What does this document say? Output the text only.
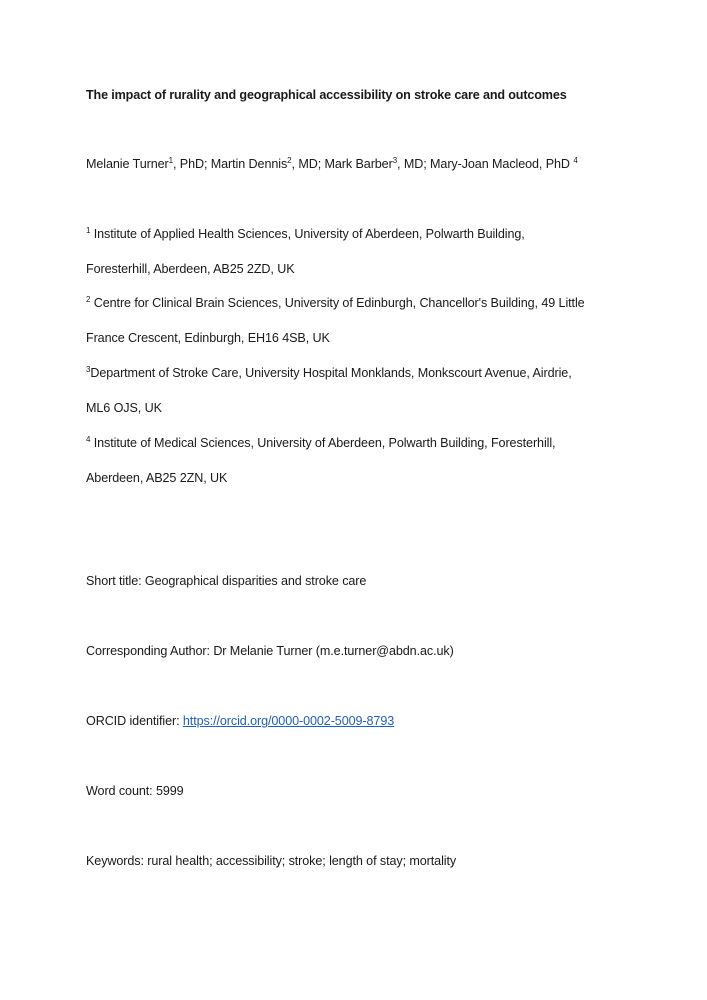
The impact of rurality and geographical accessibility on stroke care and outcomes
Melanie Turner$^1$, PhD; Martin Dennis$^2$, MD; Mark Barber$^3$, MD; Mary-Joan Macleod, PhD $^4$
$^1$ Institute of Applied Health Sciences, University of Aberdeen, Polwarth Building,
Foresterhill, Aberdeen, AB25 2ZD, UK
$^2$ Centre for Clinical Brain Sciences, University of Edinburgh, Chancellor's Building, 49 Little
France Crescent, Edinburgh, EH16 4SB, UK
$^3$Department of Stroke Care, University Hospital Monklands, Monkscourt Avenue, Airdrie,
ML6 OJS, UK
$^4$ Institute of Medical Sciences, University of Aberdeen, Polwarth Building, Foresterhill,
Aberdeen, AB25 2ZN, UK
Short title: Geographical disparities and stroke care
Corresponding Author: Dr Melanie Turner (m.e.turner@abdn.ac.uk)
ORCID identifier: https://orcid.org/0000-0002-5009-8793
Word count: 5999
Keywords: rural health; accessibility; stroke; length of stay; mortality
